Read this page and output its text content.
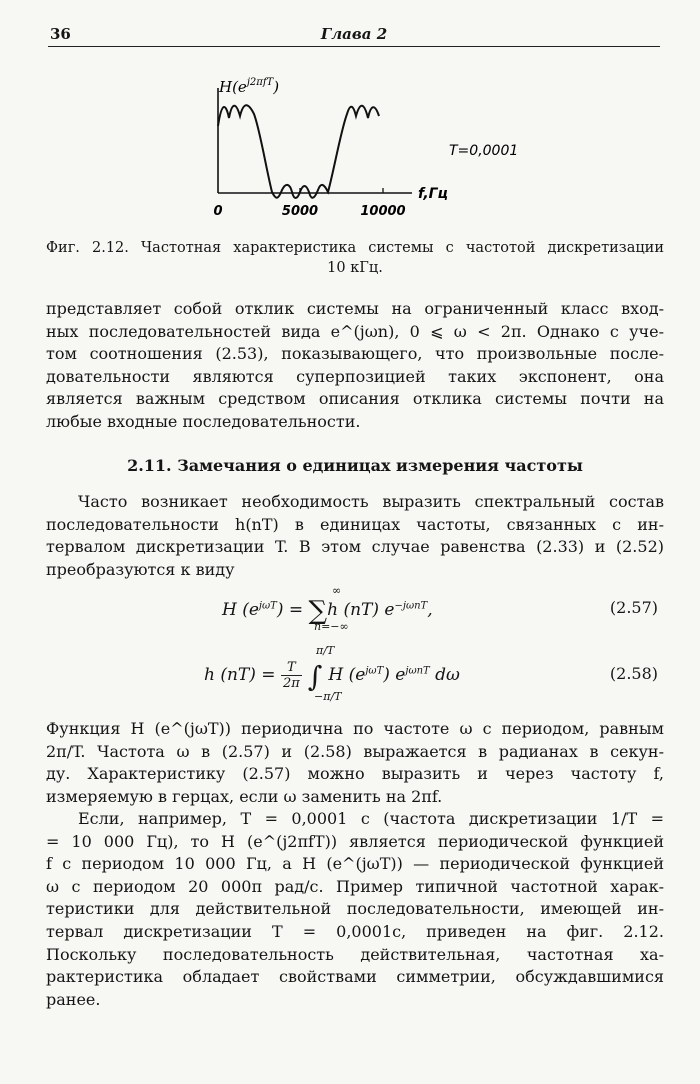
36	Глава 2
$H(e^{j2\pi fT})$
T=0,0001
f,Гц
0	5000	10000
Фиг. 2.12. Частотная характеристика системы с частотой дискретизации
10 кГц.
представляет собой отклик системы на ограниченный класс вход-
ных последовательностей вида e^(jωn), 0 ⩽ ω < 2π. Однако с уче-
том соотношения (2.53), показывающего, что произвольные после-
довательности являются суперпозицией таких экспонент, она
является важным средством описания отклика системы почти на
любые входные последовательности.
2.11. Замечания о единицах измерения частоты
Часто возникает необходимость выразить спектральный состав
последовательности h(nT) в единицах частоты, связанных с ин-
тервалом дискретизации T. В этом случае равенства (2.33) и (2.52)
преобразуются к виду
H $(e^{j\omega T}) = \sum h$ (nT) $e^{-j\omega nT}$,
∞
n=−∞
(2.57)
h $(nT) = \frac{T}{2\pi}$ ∫ H $(e^{j\omega T})$ $e^{j\omega nT}$ dω
π/T
−π/T
(2.58)
Функция H (e^(jωT)) периодична по частоте ω с периодом, равным
2π/T. Частота ω в (2.57) и (2.58) выражается в радианах в секун-
ду. Характеристику (2.57) можно выразить и через частоту f,
измеряемую в герцах, если ω заменить на 2πf.
Если, например, T = 0,0001 с (частота дискретизации 1/T =
= 10 000 Гц), то H (e^(j2πfT)) является периодической функцией
f с периодом 10 000 Гц, а H (e^(jωT)) — периодической функцией
ω с периодом 20 000π рад/с. Пример типичной частотной харак-
теристики для действительной последовательности, имеющей ин-
тервал дискретизации T = 0,0001с, приведен на фиг. 2.12.
Поскольку последовательность действительная, частотная ха-
рактеристика обладает свойствами симметрии, обсуждавшимися
ранее.
